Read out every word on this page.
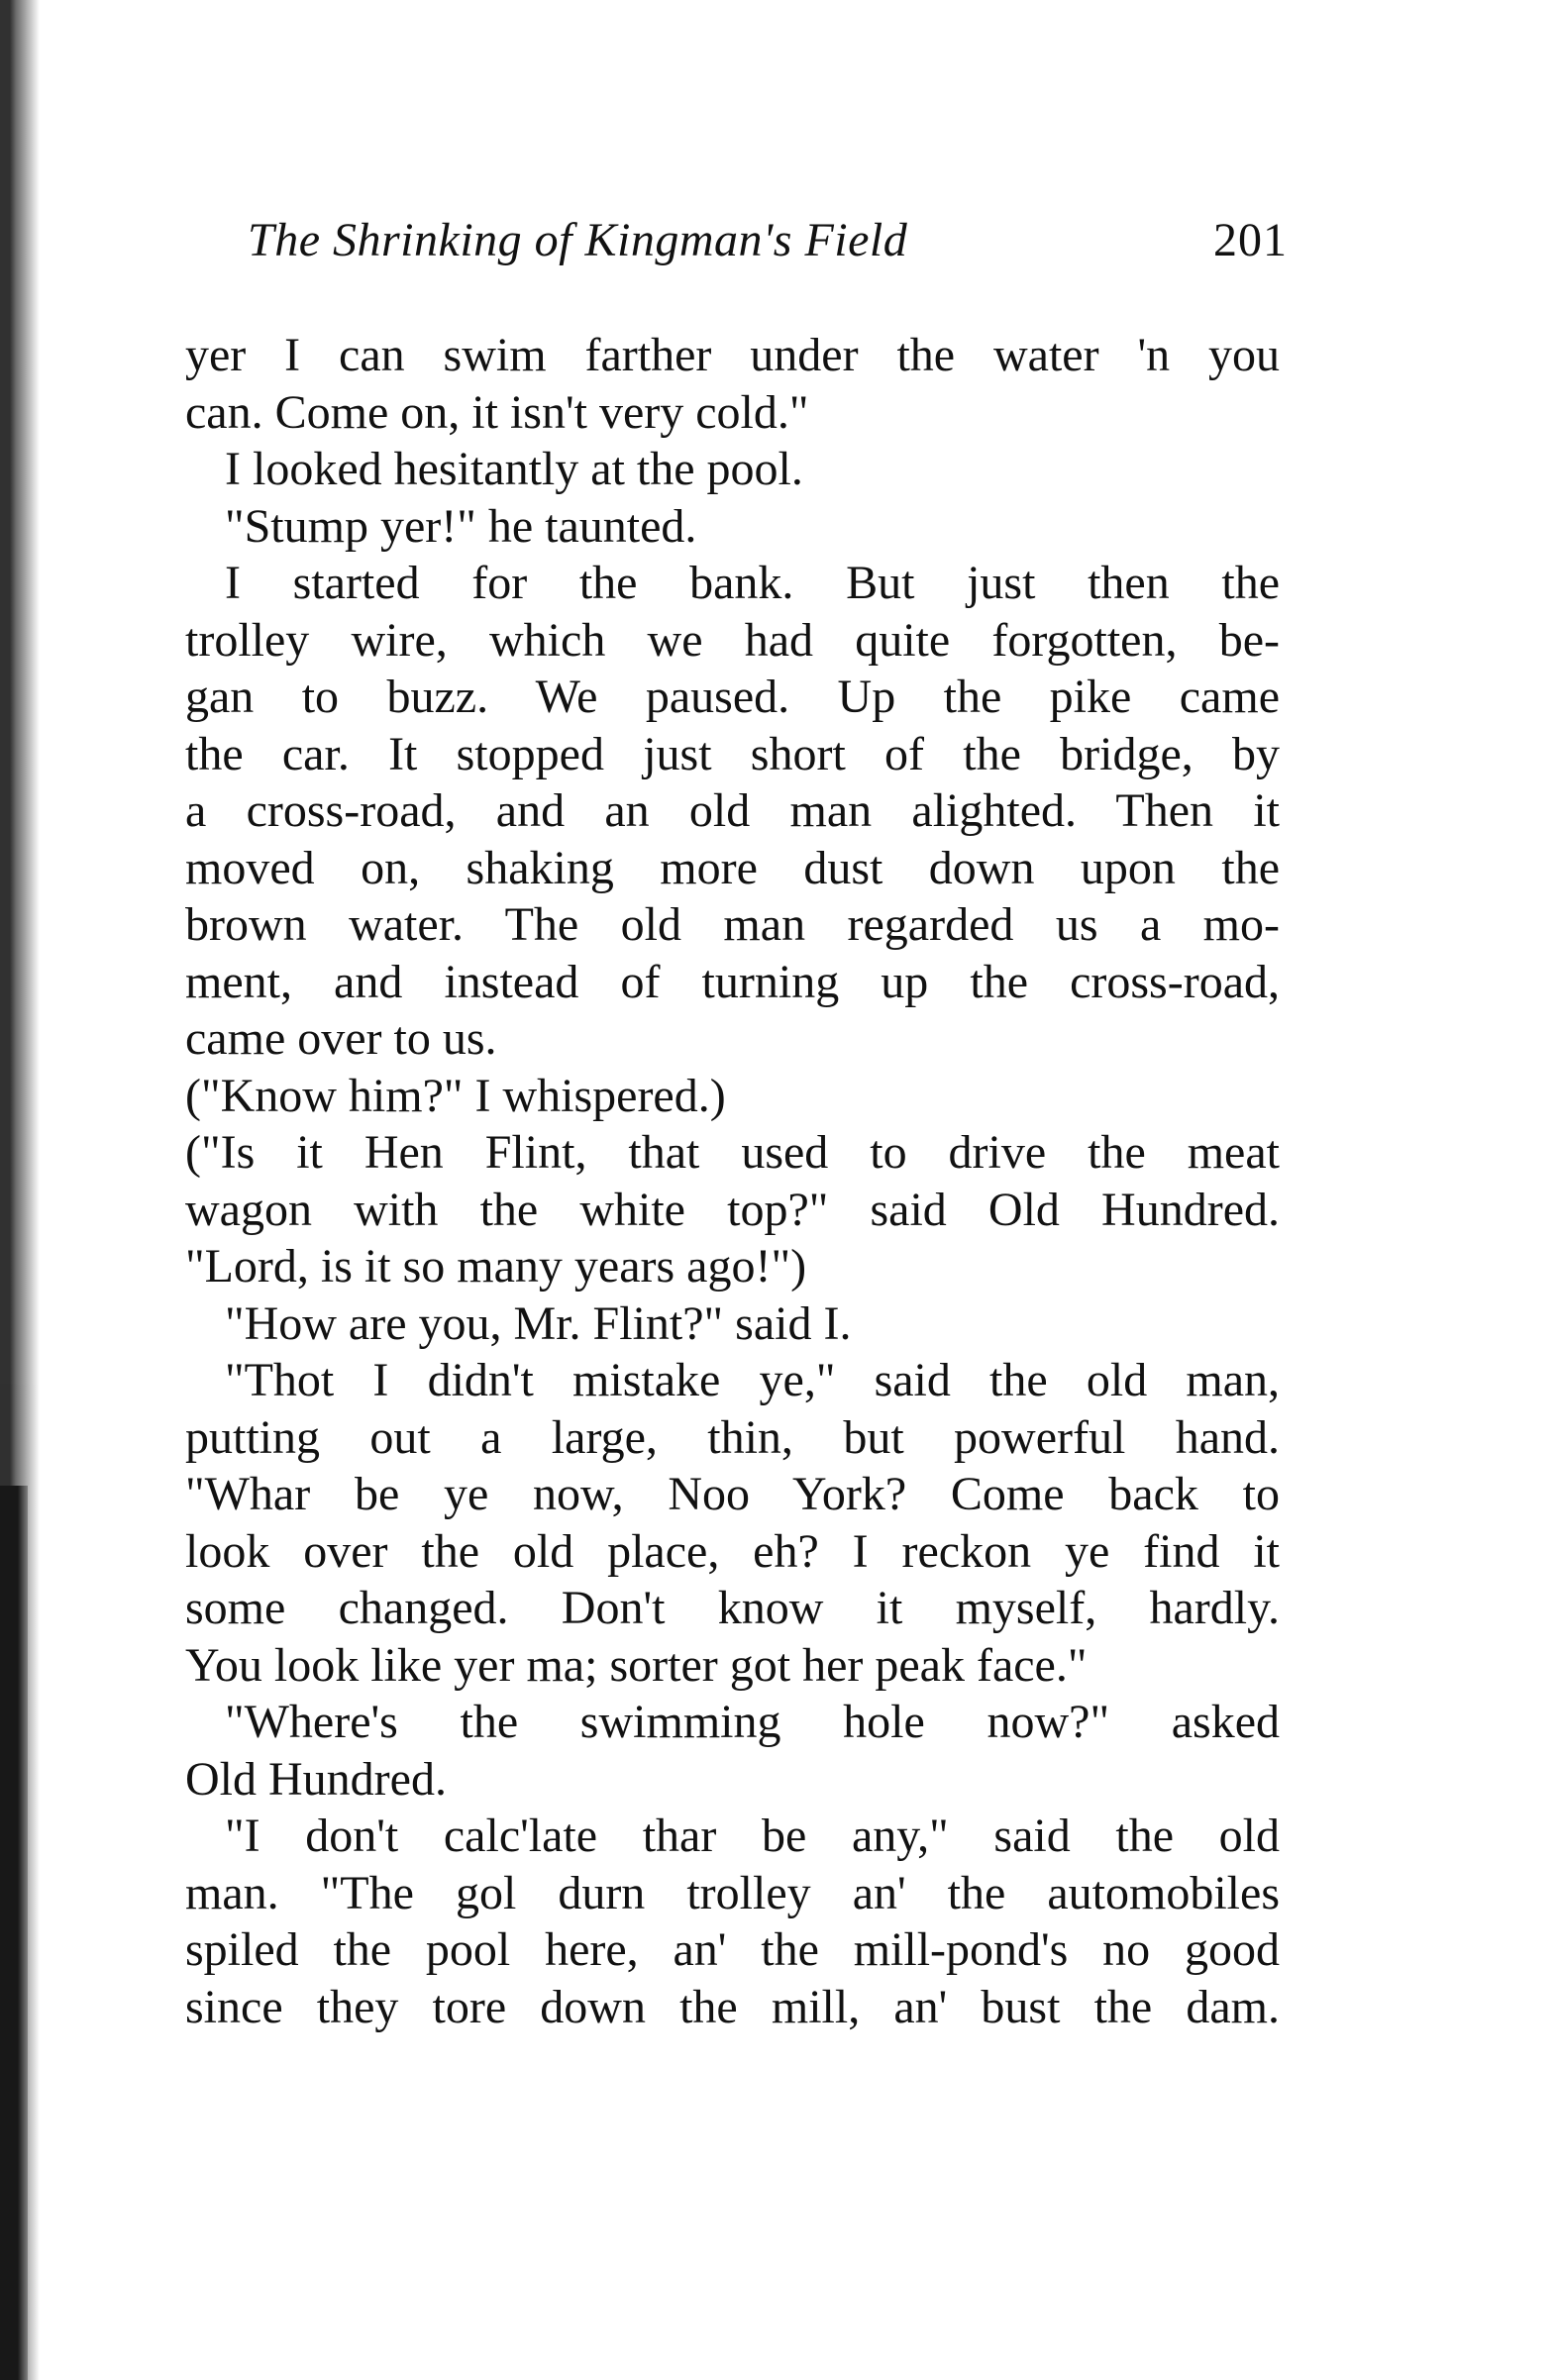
The Shrinking of Kingman's Field	201
yer I can swim farther under the water 'n you
can. Come on, it isn't very cold."
I looked hesitantly at the pool.
"Stump yer!" he taunted.
I started for the bank. But just then the
trolley wire, which we had quite forgotten, be-
gan to buzz. We paused. Up the pike came
the car. It stopped just short of the bridge, by
a cross-road, and an old man alighted. Then it
moved on, shaking more dust down upon the
brown water. The old man regarded us a mo-
ment, and instead of turning up the cross-road,
came over to us.
("Know him?" I whispered.)
("Is it Hen Flint, that used to drive the meat
wagon with the white top?" said Old Hundred.
"Lord, is it so many years ago!")
"How are you, Mr. Flint?" said I.
"Thot I didn't mistake ye," said the old man,
putting out a large, thin, but powerful hand.
"Whar be ye now, Noo York? Come back to
look over the old place, eh? I reckon ye find it
some changed. Don't know it myself, hardly.
You look like yer ma; sorter got her peak face."
"Where's the swimming hole now?" asked
Old Hundred.
"I don't calc'late thar be any," said the old
man. "The gol durn trolley an' the automobiles
spiled the pool here, an' the mill-pond's no good
since they tore down the mill, an' bust the dam.
